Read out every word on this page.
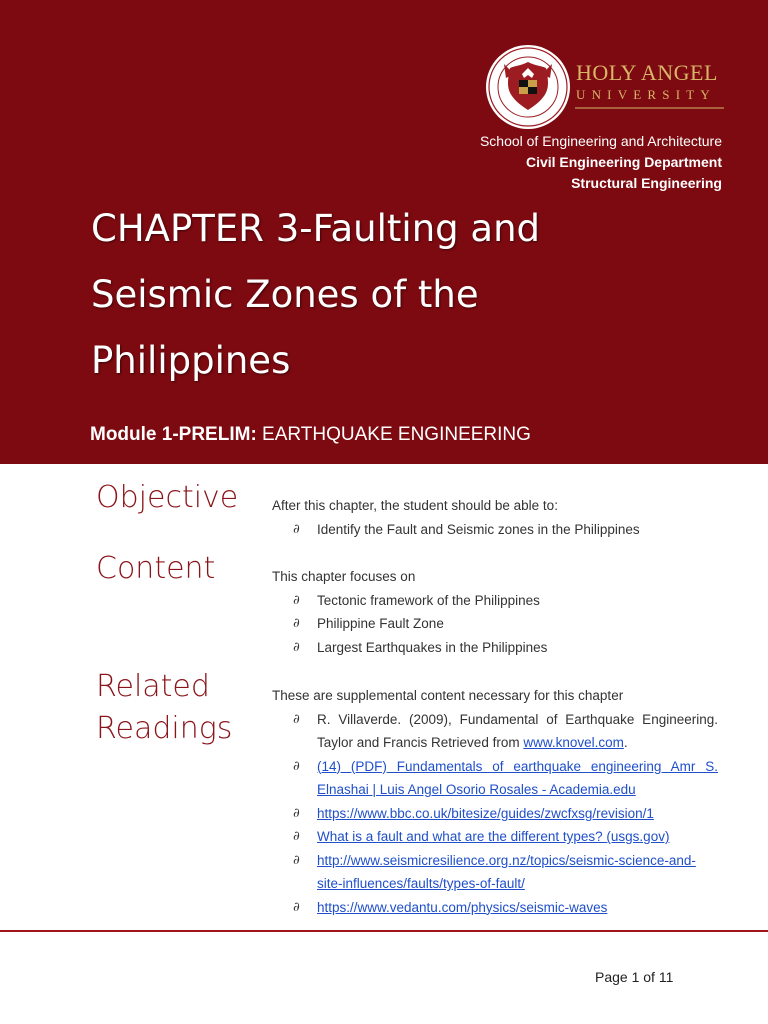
HOLY ANGEL
UNIVERSITY
School of Engineering and Architecture
Civil Engineering Department
Structural Engineering
CHAPTER 3-Faulting and
Seismic Zones of the
Philippines
Module 1-PRELIM: EARTHQUAKE ENGINEERING
Objective After this chapter, the student should be able to:

∂ Identify the Fault and Seismic zones in the Philippines
Content	This chapter focuses on

∂ Tectonic framework of the Philippines
∂ Philippine Fault Zone
∂ Largest Earthquakes in the Philippines
Related
Readings

These are supplemental content necessary for this chapter

∂ R. Villaverde. (2009), Fundamental of Earthquake Engineering. Taylor and Francis Retrieved from www.knovel.com.
∂ (14) (PDF) Fundamentals of earthquake engineering Amr S. Elnashai | Luis Angel Osorio Rosales - Academia.edu
∂ https://www.bbc.co.uk/bitesize/guides/zwcfxsg/revision/1
∂ What is a fault and what are the different types? (usgs.gov)
∂ http://www.seismicresilience.org.nz/topics/seismic-science-and-site-influences/faults/types-of-fault/
∂ https://www.vedantu.com/physics/seismic-waves
Page 1 of 11
